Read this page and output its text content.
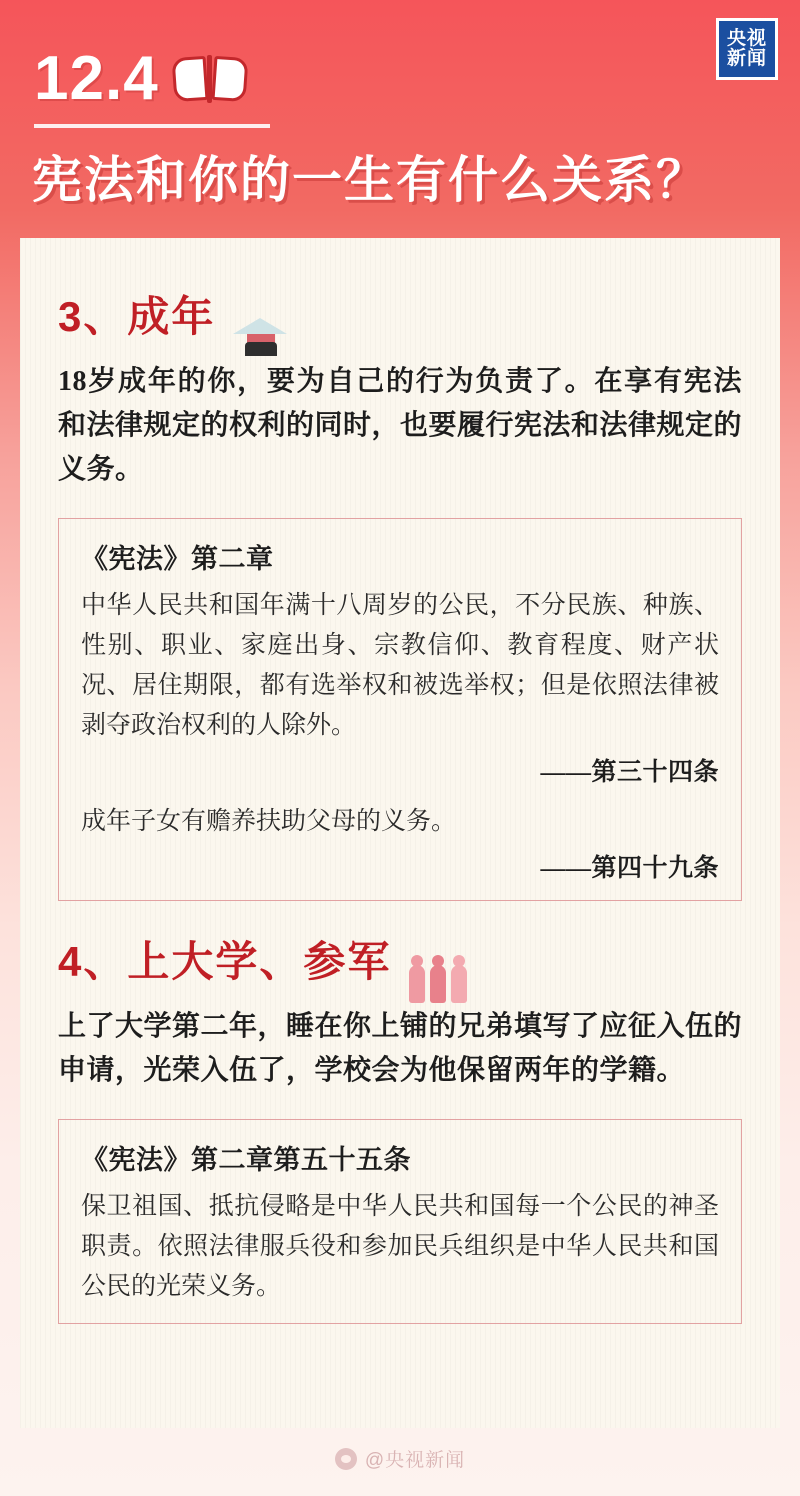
央视
新闻
12.4
宪法和你的一生有什么关系？
3、成年

18岁成年的你，要为自己的行为负责了。在享有宪法和法律规定的权利的同时，也要履行宪法和法律规定的义务。

《宪法》第二章

中华人民共和国年满十八周岁的公民，不分民族、种族、性别、职业、家庭出身、宗教信仰、教育程度、财产状况、居住期限，都有选举权和被选举权；但是依照法律被剥夺政治权利的人除外。

——第三十四条

成年子女有赡养扶助父母的义务。

——第四十九条
4、上大学、参军

上了大学第二年，睡在你上铺的兄弟填写了应征入伍的申请，光荣入伍了，学校会为他保留两年的学籍。

《宪法》第二章第五十五条

保卫祖国、抵抗侵略是中华人民共和国每一个公民的神圣职责。依照法律服兵役和参加民兵组织是中华人民共和国公民的光荣义务。

@央视新闻
